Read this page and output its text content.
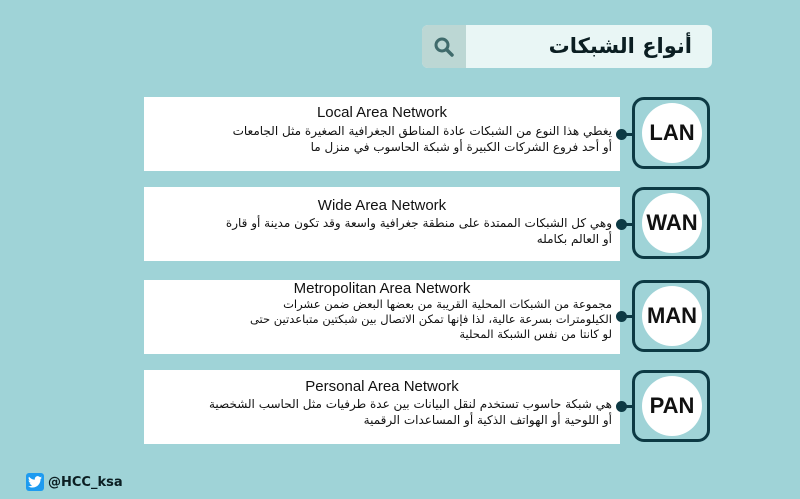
أنواع الشبكات
Local Area Network
يغطي هذا النوع من الشبكات عادة المناطق الجغرافية الصغيرة مثل الجامعات
أو أحد فروع الشركات الكبيرة أو شبكة الحاسوب في منزل ما
LAN
Wide Area Network
وهي كل الشبكات الممتدة على منطقة جغرافية واسعة وقد تكون مدينة أو قارة
أو العالم بكامله
WAN
Metropolitan Area Network
مجموعة من الشبكات المحلية القريبة من بعضها البعض ضمن عشرات
الكيلومترات بسرعة عالية، لذا فإنها تمكن الاتصال بين شبكتين متباعدتين حتى
لو كانتا من نفس الشبكة المحلية
MAN
Personal Area Network
هي شبكة حاسوب تستخدم لنقل البيانات بين عدة طرفيات مثل الحاسب الشخصية
أو اللوحية أو الهواتف الذكية أو المساعدات الرقمية
PAN
@HCC_ksa
